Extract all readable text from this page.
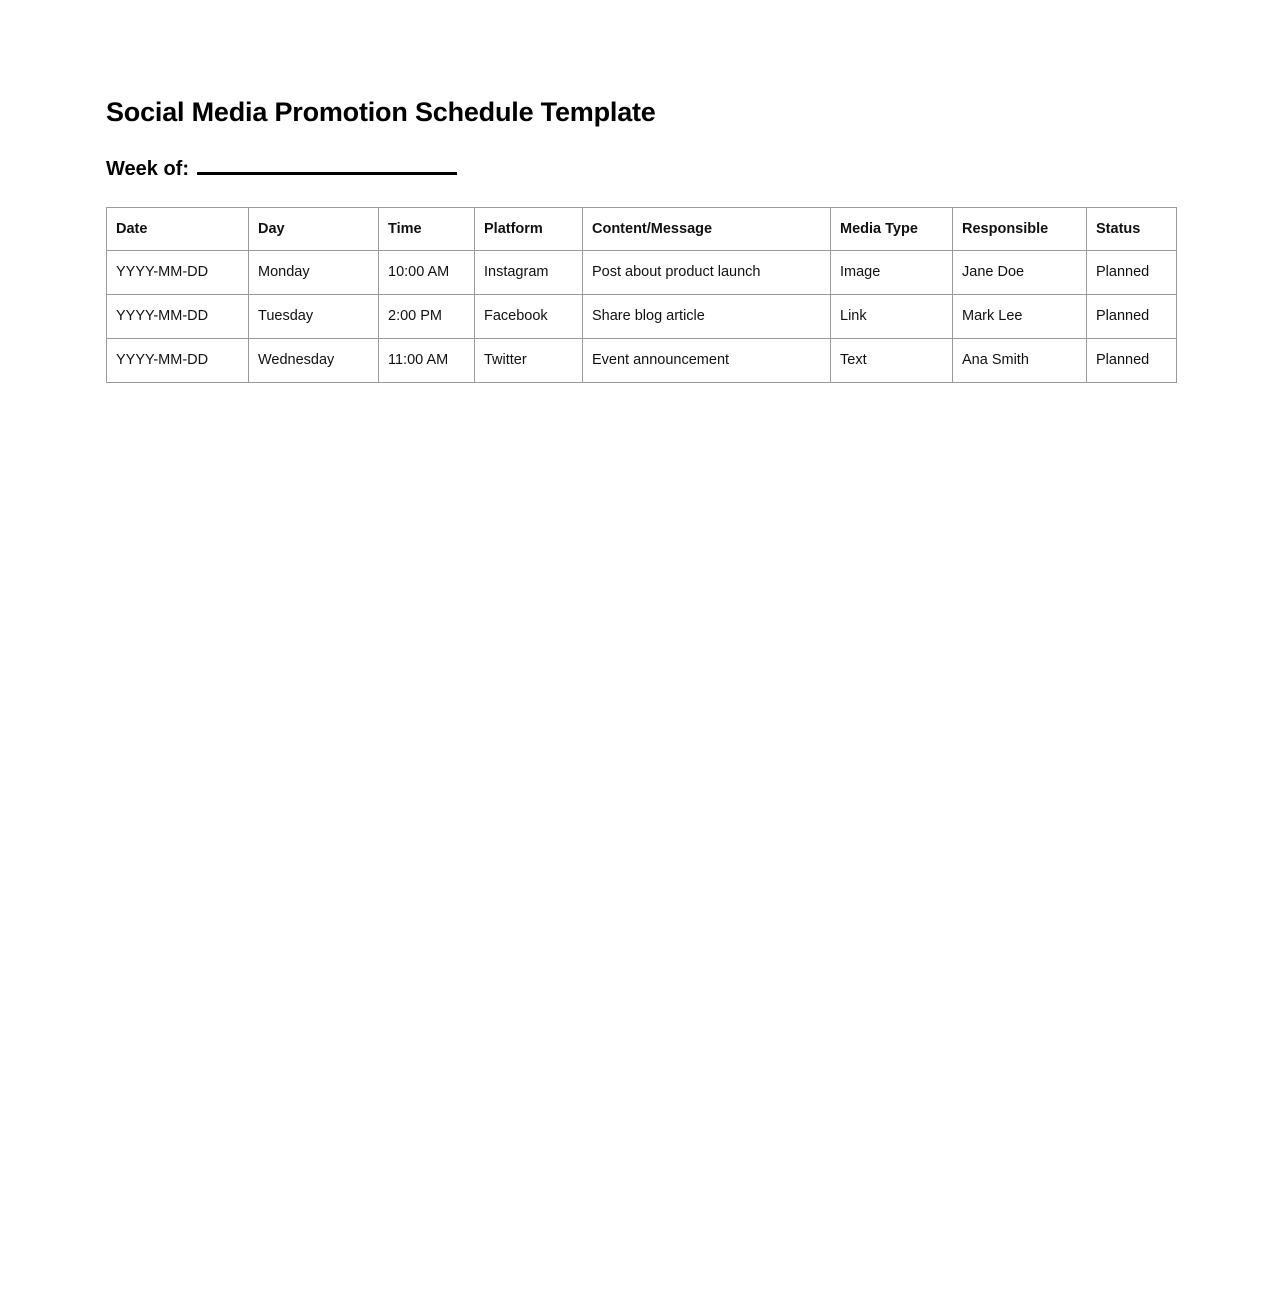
Social Media Promotion Schedule Template
Week of:
Date	Day	Time	Platform	Content/Message	Media Type	Responsible	Status
YYYY-MM-DD	Monday	10:00 AM	Instagram	Post about product launch	Image	Jane Doe	Planned
YYYY-MM-DD	Tuesday	2:00 PM	Facebook	Share blog article	Link	Mark Lee	Planned
YYYY-MM-DD	Wednesday	11:00 AM	Twitter	Event announcement	Text	Ana Smith	Planned
